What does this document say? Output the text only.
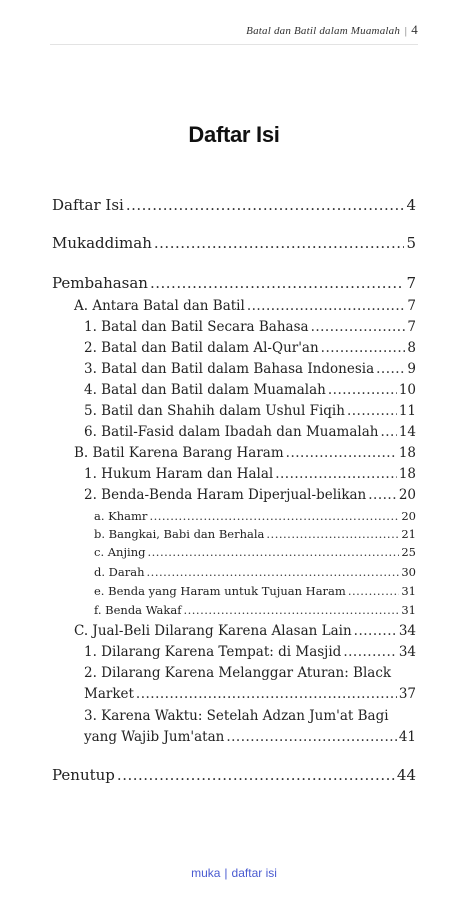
Batal dan Batil dalam Muamalah | 4
Daftar Isi
Daftar Isi .....	4
Mukaddimah .....	5
Pembahasan .....	7
A. Antara Batal dan Batil .....	7
1. Batal dan Batil Secara Bahasa .....	7
2. Batal dan Batil dalam Al-Qur'an .....	8
3. Batal dan Batil dalam Bahasa Indonesia ..... 9
4. Batal dan Batil dalam Muamalah .....	10
5. Batil dan Shahih dalam Ushul Fiqih .....	11
6. Batil-Fasid dalam Ibadah dan Muamalah ..... 14
B. Batil Karena Barang Haram .....	18
1. Hukum Haram dan Halal .....	18
2. Benda-Benda Haram Diperjual-belikan ..... 20
a. Khamr .....	20
b. Bangkai, Babi dan Berhala .....	21
c. Anjing .....	25
d. Darah .....	30
e. Benda yang Haram untuk Tujuan Haram .....	31
f. Benda Wakaf .....	31
C. Jual-Beli Dilarang Karena Alasan Lain .....	34
1. Dilarang Karena Tempat: di Masjid .....	34
2. Dilarang Karena Melanggar Aturan: Black
Market .....	37
3. Karena Waktu: Setelah Adzan Jum'at Bagi
yang Wajib Jum'atan .....	41
Penutup .....	44
muka | daftar isi
